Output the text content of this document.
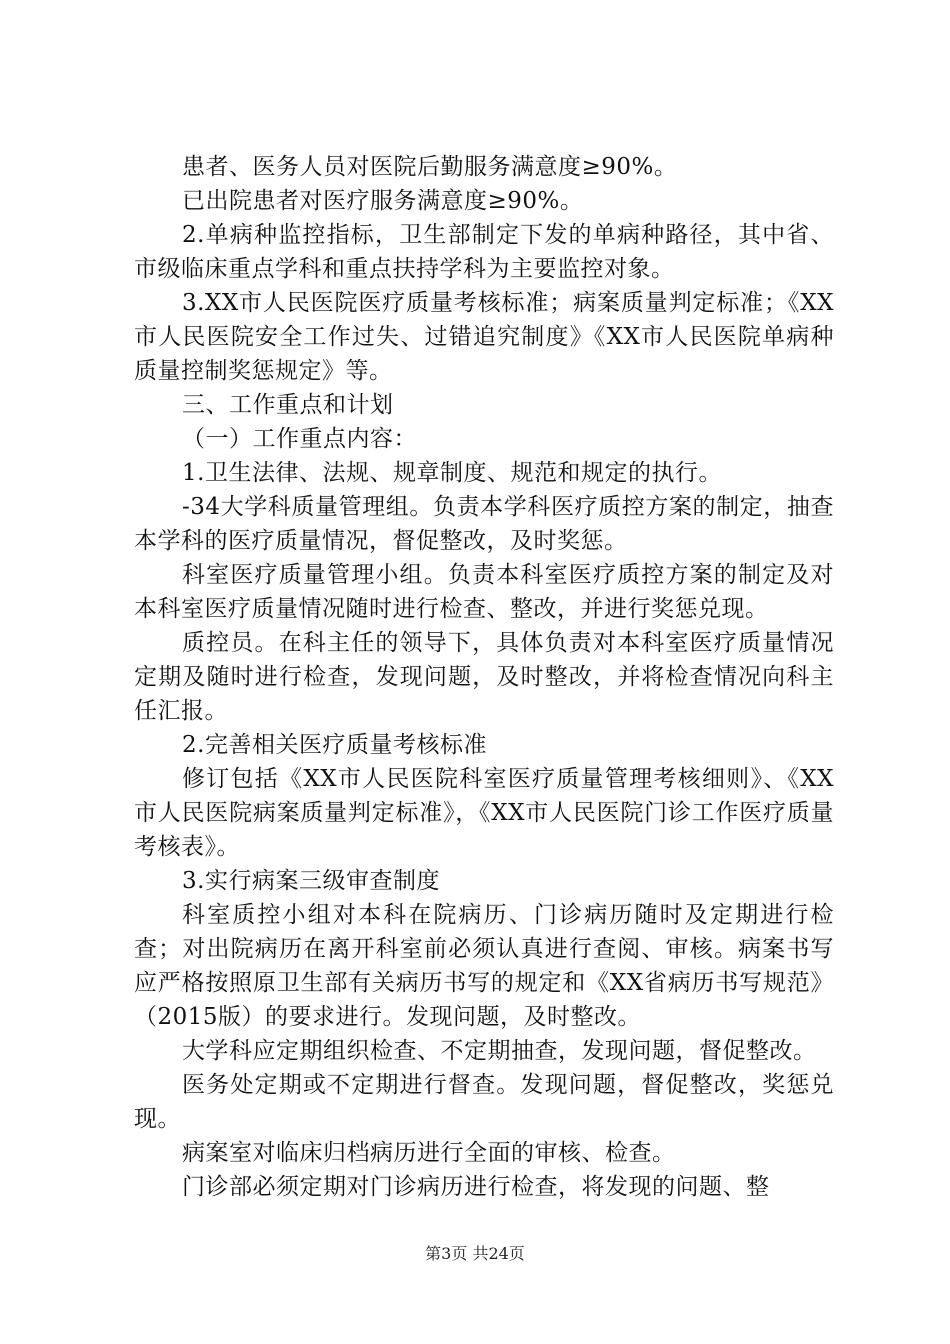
患者、医务人员对医院后勤服务满意度≥90%。

已出院患者对医疗服务满意度≥90%。

2.单病种监控指标，卫生部制定下发的单病种路径，其中省、市级临床重点学科和重点扶持学科为主要监控对象。

3.XX市人民医院医疗质量考核标准；病案质量判定标准；《XX市人民医院安全工作过失、过错追究制度》《XX市人民医院单病种质量控制奖惩规定》等。

三、工作重点和计划

（一）工作重点内容：

1.卫生法律、法规、规章制度、规范和规定的执行。

-34大学科质量管理组。负责本学科医疗质控方案的制定，抽查本学科的医疗质量情况，督促整改，及时奖惩。

科室医疗质量管理小组。负责本科室医疗质控方案的制定及对本科室医疗质量情况随时进行检查、整改，并进行奖惩兑现。

质控员。在科主任的领导下，具体负责对本科室医疗质量情况定期及随时进行检查，发现问题，及时整改，并将检查情况向科主任汇报。

2.完善相关医疗质量考核标准

修订包括《XX市人民医院科室医疗质量管理考核细则》、《XX市人民医院病案质量判定标准》，《XX市人民医院门诊工作医疗质量考核表》。

3.实行病案三级审查制度

科室质控小组对本科在院病历、门诊病历随时及定期进行检查；对出院病历在离开科室前必须认真进行查阅、审核。病案书写应严格按照原卫生部有关病历书写的规定和《XX省病历书写规范》（2015版）的要求进行。发现问题，及时整改。

大学科应定期组织检查、不定期抽查，发现问题，督促整改。

医务处定期或不定期进行督查。发现问题，督促整改，奖惩兑现。

病案室对临床归档病历进行全面的审核、检查。

门诊部必须定期对门诊病历进行检查，将发现的问题、整

第3页 共24页
